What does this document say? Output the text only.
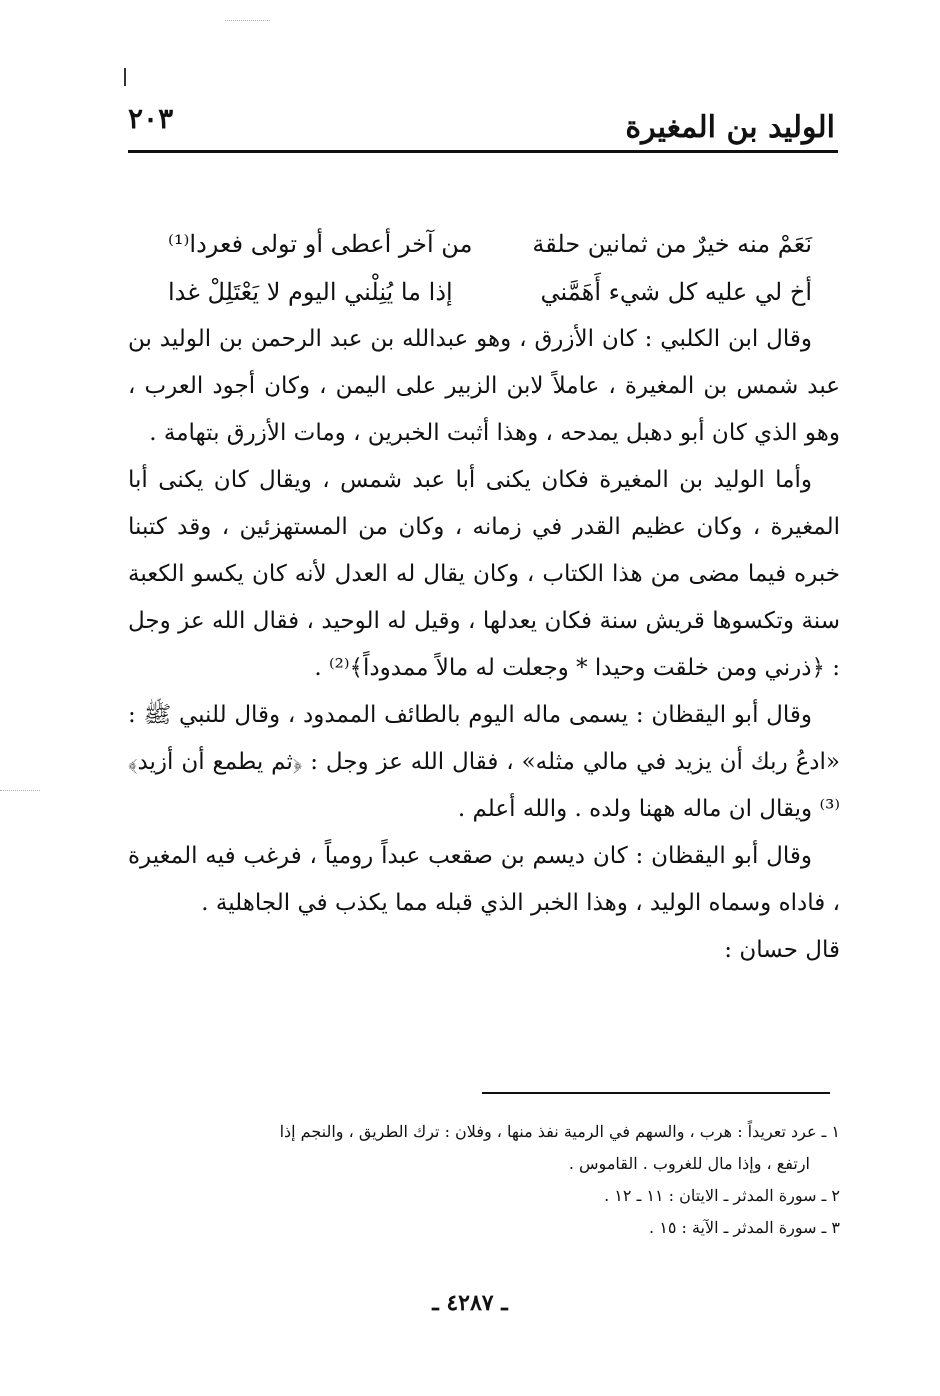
الوليد بن المغيرة
٢٠٣
نَعَمْ منه خيرٌ من ثمانين حلقة
من آخر أعطى أو تولى فعردا⁽¹⁾
أخ لي عليه كل شيء أَهَمَّني
إذا ما يُنِلْني اليوم لا يَعْتَلِلْ غدا

وقال ابن الكلبي : كان الأزرق ، وهو عبدالله بن عبد الرحمن بن الوليد بن عبد شمس بن المغيرة ، عاملاً لابن الزبير على اليمن ، وكان أجود العرب ، وهو الذي كان أبو دهبل يمدحه ، وهذا أثبت الخبرين ، ومات الأزرق بتهامة .

وأما الوليد بن المغيرة فكان يكنى أبا عبد شمس ، ويقال كان يكنى أبا المغيرة ، وكان عظيم القدر في زمانه ، وكان من المستهزئين ، وقد كتبنا خبره فيما مضى من هذا الكتاب ، وكان يقال له العدل لأنه كان يكسو الكعبة سنة وتكسوها قريش سنة فكان يعدلها ، وقيل له الوحيد ، فقال الله عز وجل : ﴿ذرني ومن خلقت وحيدا * وجعلت له مالاً ممدوداً﴾⁽²⁾ .

وقال أبو اليقظان : يسمى ماله اليوم بالطائف الممدود ، وقال للنبي ﷺ : «ادعُ ربك أن يزيد في مالي مثله» ، فقال الله عز وجل : ﴿ثم يطمع أن أزيد﴾⁽³⁾ ويقال ان ماله ههنا ولده . والله أعلم .

وقال أبو اليقظان : كان ديسم بن صقعب عبداً رومياً ، فرغب فيه المغيرة ، فاداه وسماه الوليد ، وهذا الخبر الذي قبله مما يكذب في الجاهلية .

قال حسان :

١ ـ عرد تعريداً : هرب ، والسهم في الرمية نفذ منها ، وفلان : ترك الطريق ، والنجم إذا

ارتفع ، وإذا مال للغروب . القاموس .

٢ ـ سورة المدثر ـ الايتان : ١١ ـ ١٢ .

٣ ـ سورة المدثر ـ الآية : ١٥ .

ـ ٤٢٨٧ ـ
